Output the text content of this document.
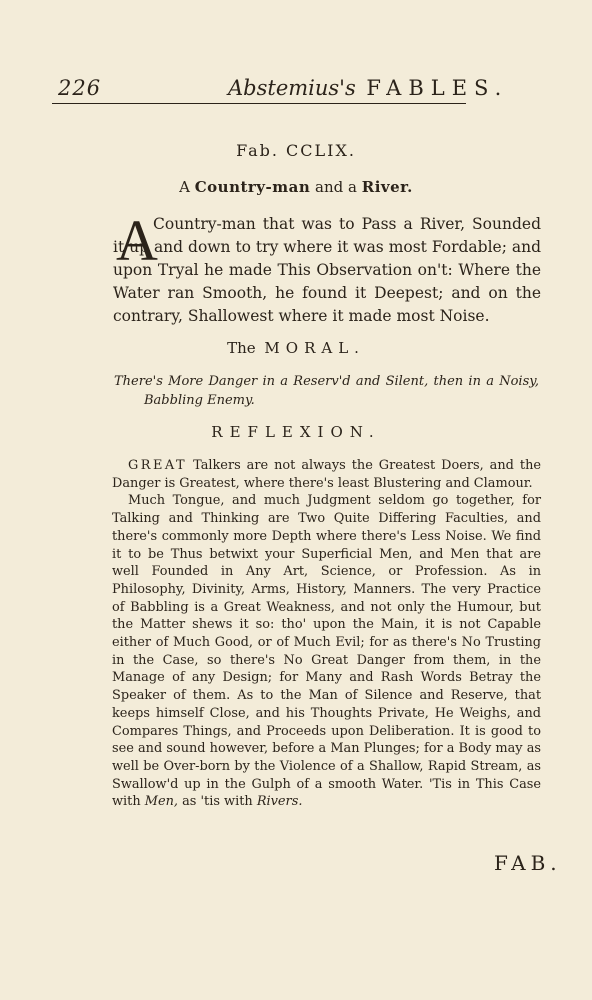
226	Abstemius's FABLES.
Fab. CCLIX.
A Country-man and a River.
A

Country-man that was to Pass a River, Sounded it up and down to try where it was most Fordable; and upon Tryal he made This Observation on't: Where the Water ran Smooth, he found it Deepest; and on the contrary, Shallowest where it made most Noise.

The MORAL.

There's More Danger in a Reserv'd and Silent, then in a Noisy, Babbling Enemy.

REFLEXION.

GREAT Talkers are not always the Greatest Doers, and the Danger is Greatest, where there's least Blustering and Clamour.

Much Tongue, and much Judgment seldom go together, for Talking and Thinking are Two Quite Differing Faculties, and there's commonly more Depth where there's Less Noise. We find it to be Thus betwixt your Superficial Men, and Men that are well Founded in Any Art, Science, or Profession. As in Philosophy, Divinity, Arms, History, Manners. The very Practice of Babbling is a Great Weakness, and not only the Humour, but the Matter shews it so: tho' upon the Main, it is not Capable either of Much Good, or of Much Evil; for as there's No Trusting in the Case, so there's No Great Danger from them, in the Manage of any Design; for Many and Rash Words Betray the Speaker of them. As to the Man of Silence and Reserve, that keeps himself Close, and his Thoughts Private, He Weighs, and Compares Things, and Proceeds upon Deliberation. It is good to see and sound however, before a Man Plunges; for a Body may as well be Over-born by the Violence of a Shallow, Rapid Stream, as Swallow'd up in the Gulph of a smooth Water. 'Tis in This Case with Men, as 'tis with Rivers.

FAB.
